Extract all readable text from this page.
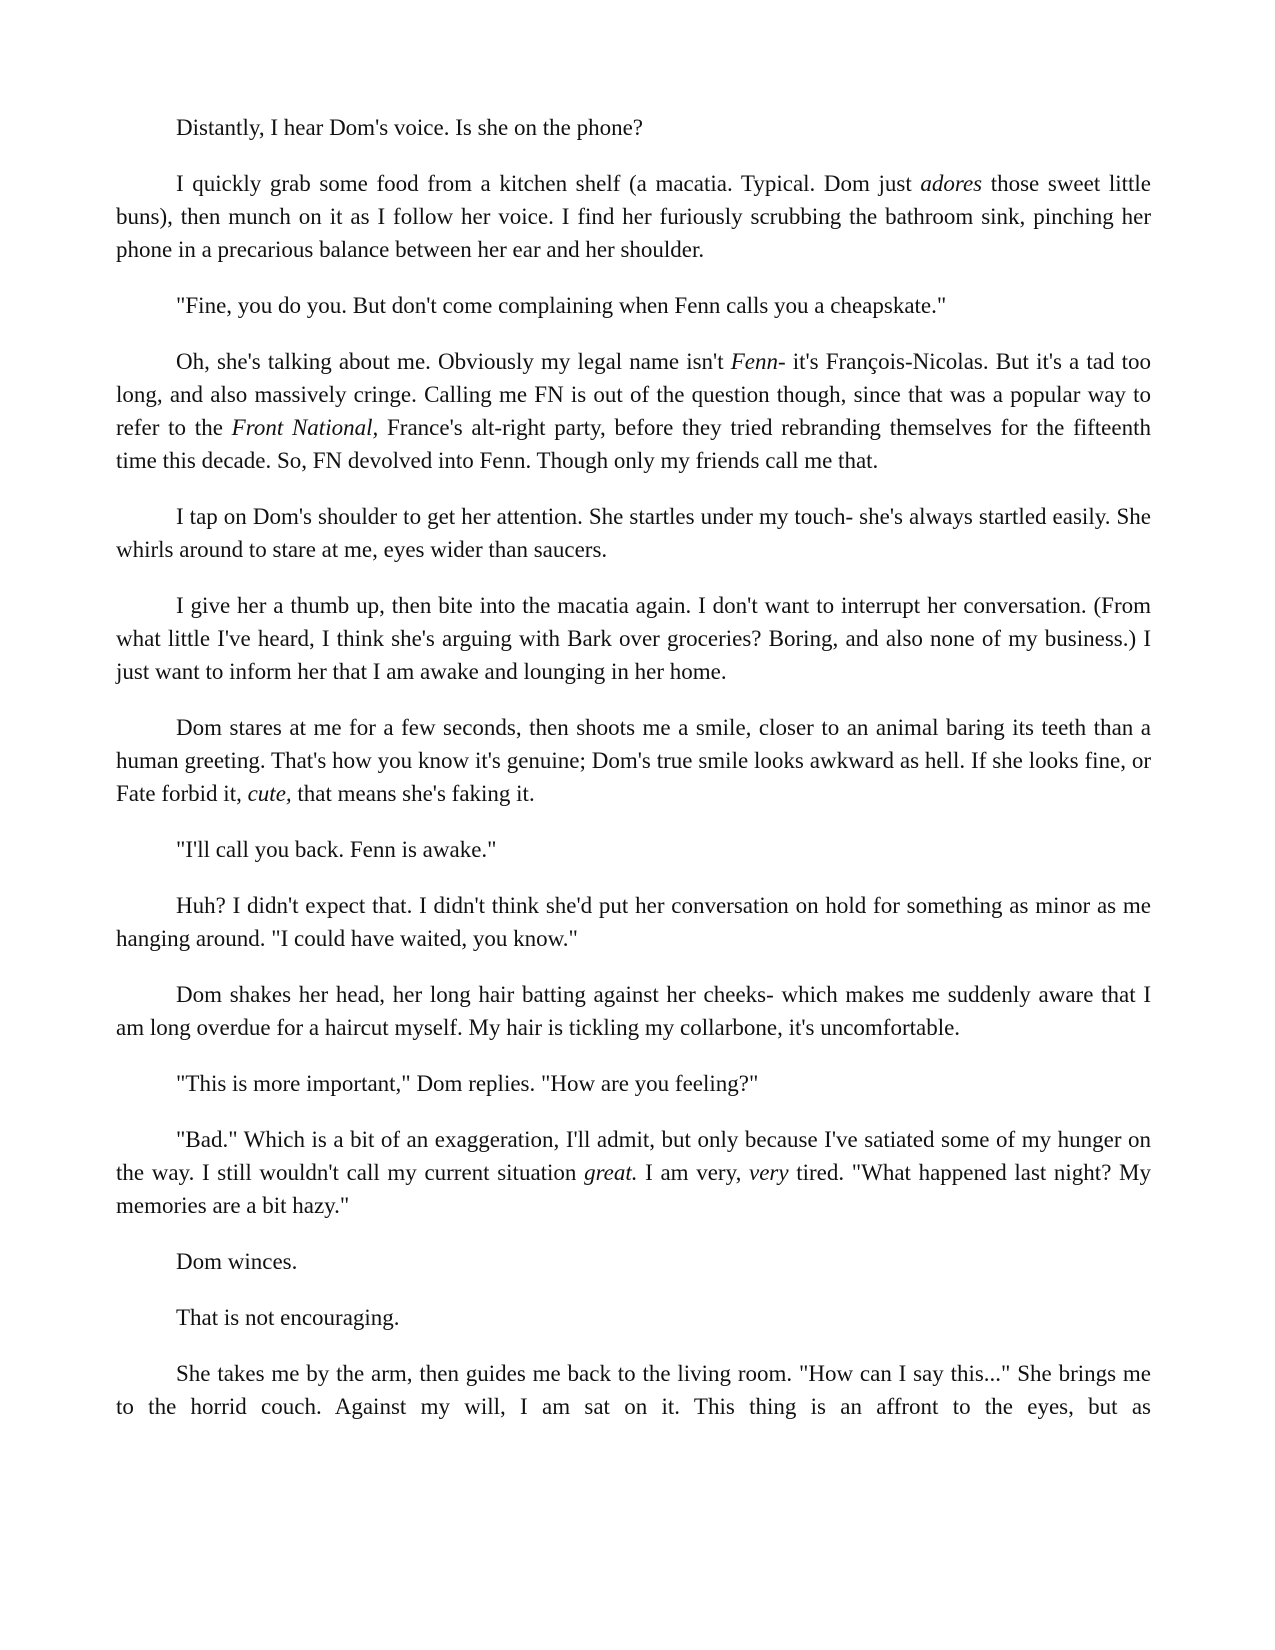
Distantly, I hear Dom's voice. Is she on the phone?

I quickly grab some food from a kitchen shelf (a macatia. Typical. Dom just adores those sweet little buns), then munch on it as I follow her voice. I find her furiously scrubbing the bathroom sink, pinching her phone in a precarious balance between her ear and her shoulder.

"Fine, you do you. But don't come complaining when Fenn calls you a cheapskate."

Oh, she's talking about me. Obviously my legal name isn't Fenn- it's François-Nicolas. But it's a tad too long, and also massively cringe. Calling me FN is out of the question though, since that was a popular way to refer to the Front National, France's alt-right party, before they tried rebranding themselves for the fifteenth time this decade. So, FN devolved into Fenn. Though only my friends call me that.

I tap on Dom's shoulder to get her attention. She startles under my touch- she's always startled easily. She whirls around to stare at me, eyes wider than saucers.

I give her a thumb up, then bite into the macatia again. I don't want to interrupt her conversation. (From what little I've heard, I think she's arguing with Bark over groceries? Boring, and also none of my business.) I just want to inform her that I am awake and lounging in her home.

Dom stares at me for a few seconds, then shoots me a smile, closer to an animal baring its teeth than a human greeting. That's how you know it's genuine; Dom's true smile looks awkward as hell. If she looks fine, or Fate forbid it, cute, that means she's faking it.

"I'll call you back. Fenn is awake."

Huh? I didn't expect that. I didn't think she'd put her conversation on hold for something as minor as me hanging around. "I could have waited, you know."

Dom shakes her head, her long hair batting against her cheeks- which makes me suddenly aware that I am long overdue for a haircut myself. My hair is tickling my collarbone, it's uncomfortable.

"This is more important," Dom replies. "How are you feeling?"

"Bad." Which is a bit of an exaggeration, I'll admit, but only because I've satiated some of my hunger on the way. I still wouldn't call my current situation great. I am very, very tired. "What happened last night? My memories are a bit hazy."

Dom winces.

That is not encouraging.

She takes me by the arm, then guides me back to the living room. "How can I say this..." She brings me to the horrid couch. Against my will, I am sat on it. This thing is an affront to the eyes, but as
